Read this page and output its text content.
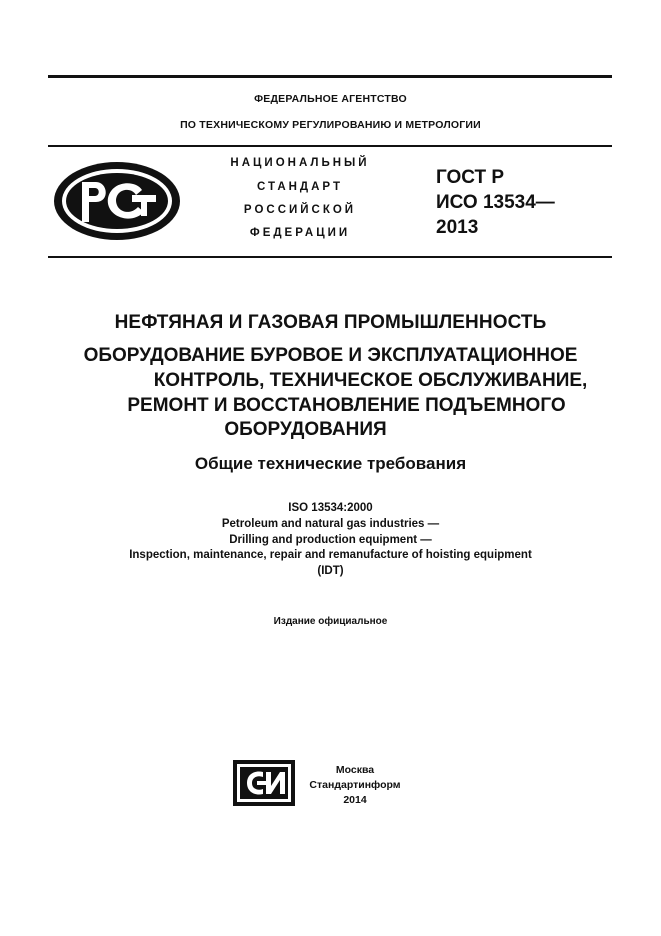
ФЕДЕРАЛЬНОЕ АГЕНТСТВО
ПО ТЕХНИЧЕСКОМУ РЕГУЛИРОВАНИЮ И МЕТРОЛОГИИ
НАЦИОНАЛЬНЫЙ
СТАНДАРТ
РОССИЙСКОЙ
ФЕДЕРАЦИИ
ГОСТ Р
ИСО 13534—
2013
НЕФТЯНАЯ И ГАЗОВАЯ ПРОМЫШЛЕННОСТЬ
ОБОРУДОВАНИЕ БУРОВОЕ И ЭКСПЛУАТАЦИОННОЕ
КОНТРОЛЬ, ТЕХНИЧЕСКОЕ ОБСЛУЖИВАНИЕ,
РЕМОНТ И ВОССТАНОВЛЕНИЕ ПОДЪЕМНОГО
ОБОРУДОВАНИЯ
Общие технические требования
ISO 13534:2000
Petroleum and natural gas industries —
Drilling and production equipment —
Inspection, maintenance, repair and remanufacture of hoisting equipment
(IDT)
Издание официальное
Москва
Стандартинформ
2014
